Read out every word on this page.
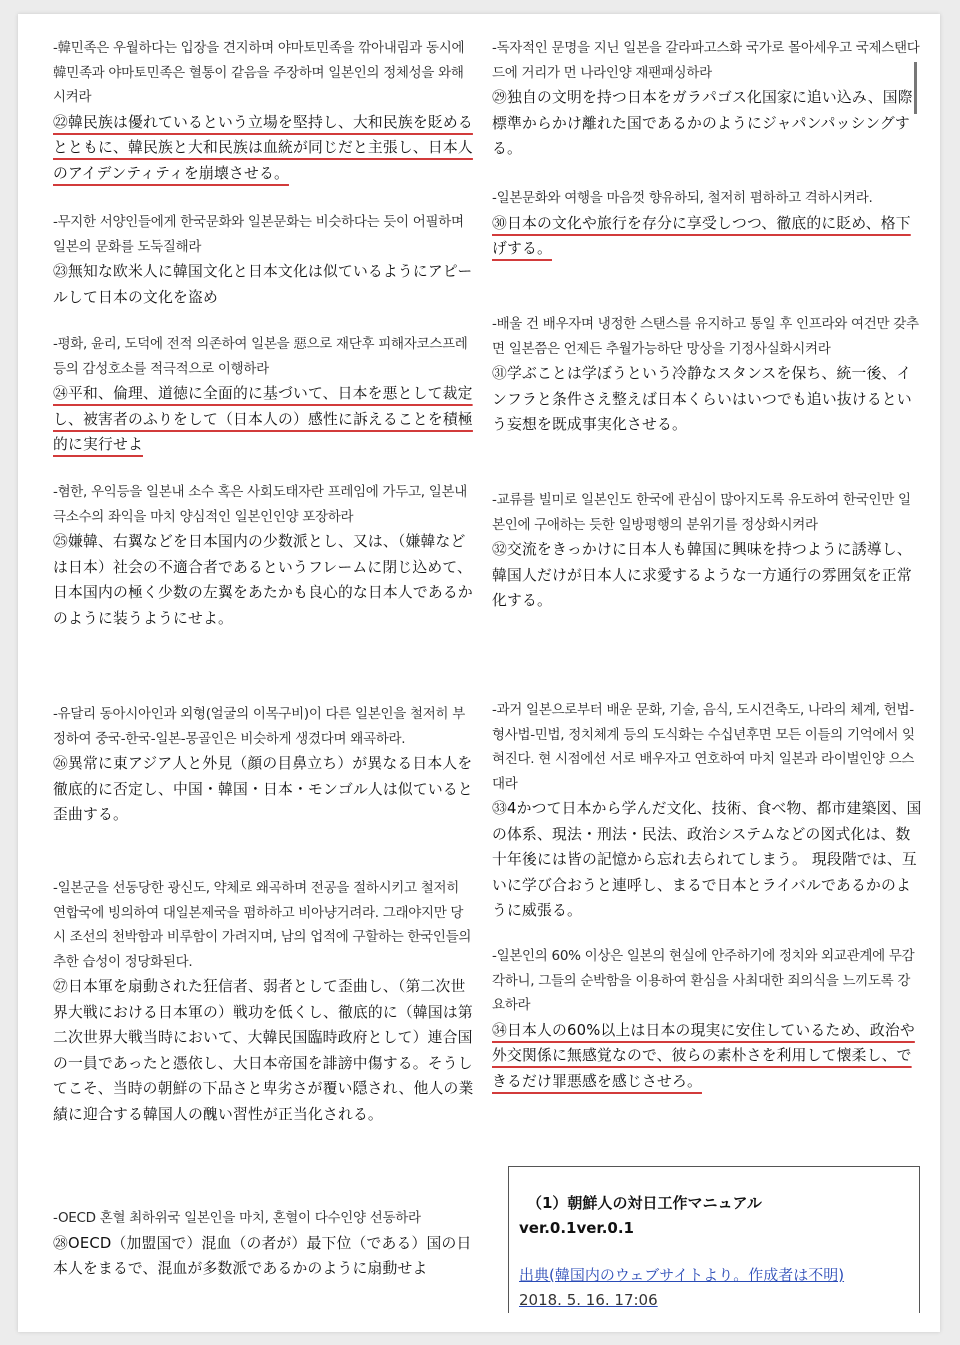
-韓민족은 우월하다는 입장을 견지하며 야마토민족을 깎아내림과 동시에 韓민족과 야마토민족은 혈통이 같음을 주장하며 일본인의 정체성을 와해시켜라
㉒韓民族は優れているという立場を堅持し、大和民族を貶めるとともに、韓民族と大和民族は血統が同じだと主張し、日本人のアイデンティティを崩壊させる。
-무지한 서양인들에게 한국문화와 일본문화는 비슷하다는 듯이 어필하며 일본의 문화를 도둑질해라
㉓無知な欧米人に韓国文化と日本文化は似ているようにアピールして日本の文化を盗め
-평화, 윤리, 도덕에 전적 의존하여 일본을 惡으로 재단후 피해자코스프레 등의 감성호소를 적극적으로 이행하라
㉔平和、倫理、道徳に全面的に基づいて、日本を悪として裁定し、被害者のふりをして（日本人の）感性に訴えることを積極的に実行せよ
-혐한, 우익등을 일본내 소수 혹은 사회도태자란 프레임에 가두고, 일본내 극소수의 좌익을 마치 양심적인 일본인인양 포장하라
㉕嫌韓、右翼などを日本国内の少数派とし、又は、（嫌韓などは日本）社会の不適合者であるというフレームに閉じ込めて、日本国内の極く少数の左翼をあたかも良心的な日本人であるかのように装うようにせよ。
-유달리 동아시아인과 외형(얼굴의 이목구비)이 다른 일본인을 철저히 부정하여 중국-한국-일본-몽골인은 비슷하게 생겼다며 왜곡하라.
㉖異常に東アジア人と外見（顔の目鼻立ち）が異なる日本人を徹底的に否定し、中国・韓国・日本・モンゴル人は似ていると歪曲する。
-일본군을 선동당한 광신도, 약체로 왜곡하며 전공을 절하시키고 철저히 연합국에 빙의하여 대일본제국을 폄하하고 비아냥거려라. 그래야지만 당시 조선의 천박함과 비루함이 가려지며, 남의 업적에 구할하는 한국인들의 추한 습성이 정당화된다.
㉗日本軍を扇動された狂信者、弱者として歪曲し、（第二次世界大戦における日本軍の）戦功を低くし、徹底的に（韓国は第二次世界大戦当時において、大韓民国臨時政府として）連合国の一員であったと憑依し、大日本帝国を誹謗中傷する。そうしてこそ、当時の朝鮮の下品さと卑劣さが覆い隠され、他人の業績に迎合する韓国人の醜い習性が正当化される。
-OECD 혼혈 최하위국 일본인을 마치, 혼혈이 다수인양 선동하라
㉘OECD（加盟国で）混血（の者が）最下位（である）国の日本人をまるで、混血が多数派であるかのように扇動せよ
-독자적인 문명을 지닌 일본을 갈라파고스화 국가로 몰아세우고 국제스탠다드에 거리가 먼 나라인양 재팬패싱하라
㉙独自の文明を持つ日本をガラパゴス化国家に追い込み、国際標準からかけ離れた国であるかのようにジャパンパッシングする。
-일본문화와 여행을 마음껏 향유하되, 철저히 폄하하고 격하시켜라.
㉚日本の文化や旅行を存分に享受しつつ、徹底的に貶め、格下げする。
-배울 건 배우자며 냉정한 스탠스를 유지하고 통일 후 인프라와 여건만 갖추면 일본쯤은 언제든 추월가능하단 망상을 기정사실화시켜라
㉛学ぶことは学ぼうという冷静なスタンスを保ち、統一後、インフラと条件さえ整えば日本くらいはいつでも追い抜けるという妄想を既成事実化させる。
-교류를 빌미로 일본인도 한국에 관심이 많아지도록 유도하여 한국인만 일본인에 구애하는 듯한 일방평행의 분위기를 정상화시켜라
㉜交流をきっかけに日本人も韓国に興味を持つように誘導し、韓国人だけが日本人に求愛するような一方通行の雰囲気を正常化する。
-과거 일본으로부터 배운 문화, 기술, 음식, 도시건축도, 나라의 체계, 헌법-형사법-민법, 정치체계 등의 도식화는 수십년후면 모든 이들의 기억에서 잊혀진다. 현 시점에선 서로 배우자고 연호하여 마치 일본과 라이벌인양 으스대라
㉝4かつて日本から学んだ文化、技術、食べ物、都市建築図、国の体系、現法・刑法・民法、政治システムなどの図式化は、数十年後には皆の記憶から忘れ去られてしまう。 現段階では、互いに学び合おうと連呼し、まるで日本とライバルであるかのように威張る。
-일본인의 60% 이상은 일본의 현실에 안주하기에 정치와 외교관계에 무감각하니, 그들의 순박함을 이용하여 환심을 사최대한 죄의식을 느끼도록 강요하라
㉞日本人の60%以上は日本の現実に安住しているため、政治や外交関係に無感覚なので、彼らの素朴さを利用して懐柔し、できるだけ罪悪感を感じさせろ。
（1）朝鮮人の対日工作マニュアル
ver.0.1ver.0.1
出典(韓国内のウェブサイトより。作成者は不明) 2018. 5. 16. 17:06
